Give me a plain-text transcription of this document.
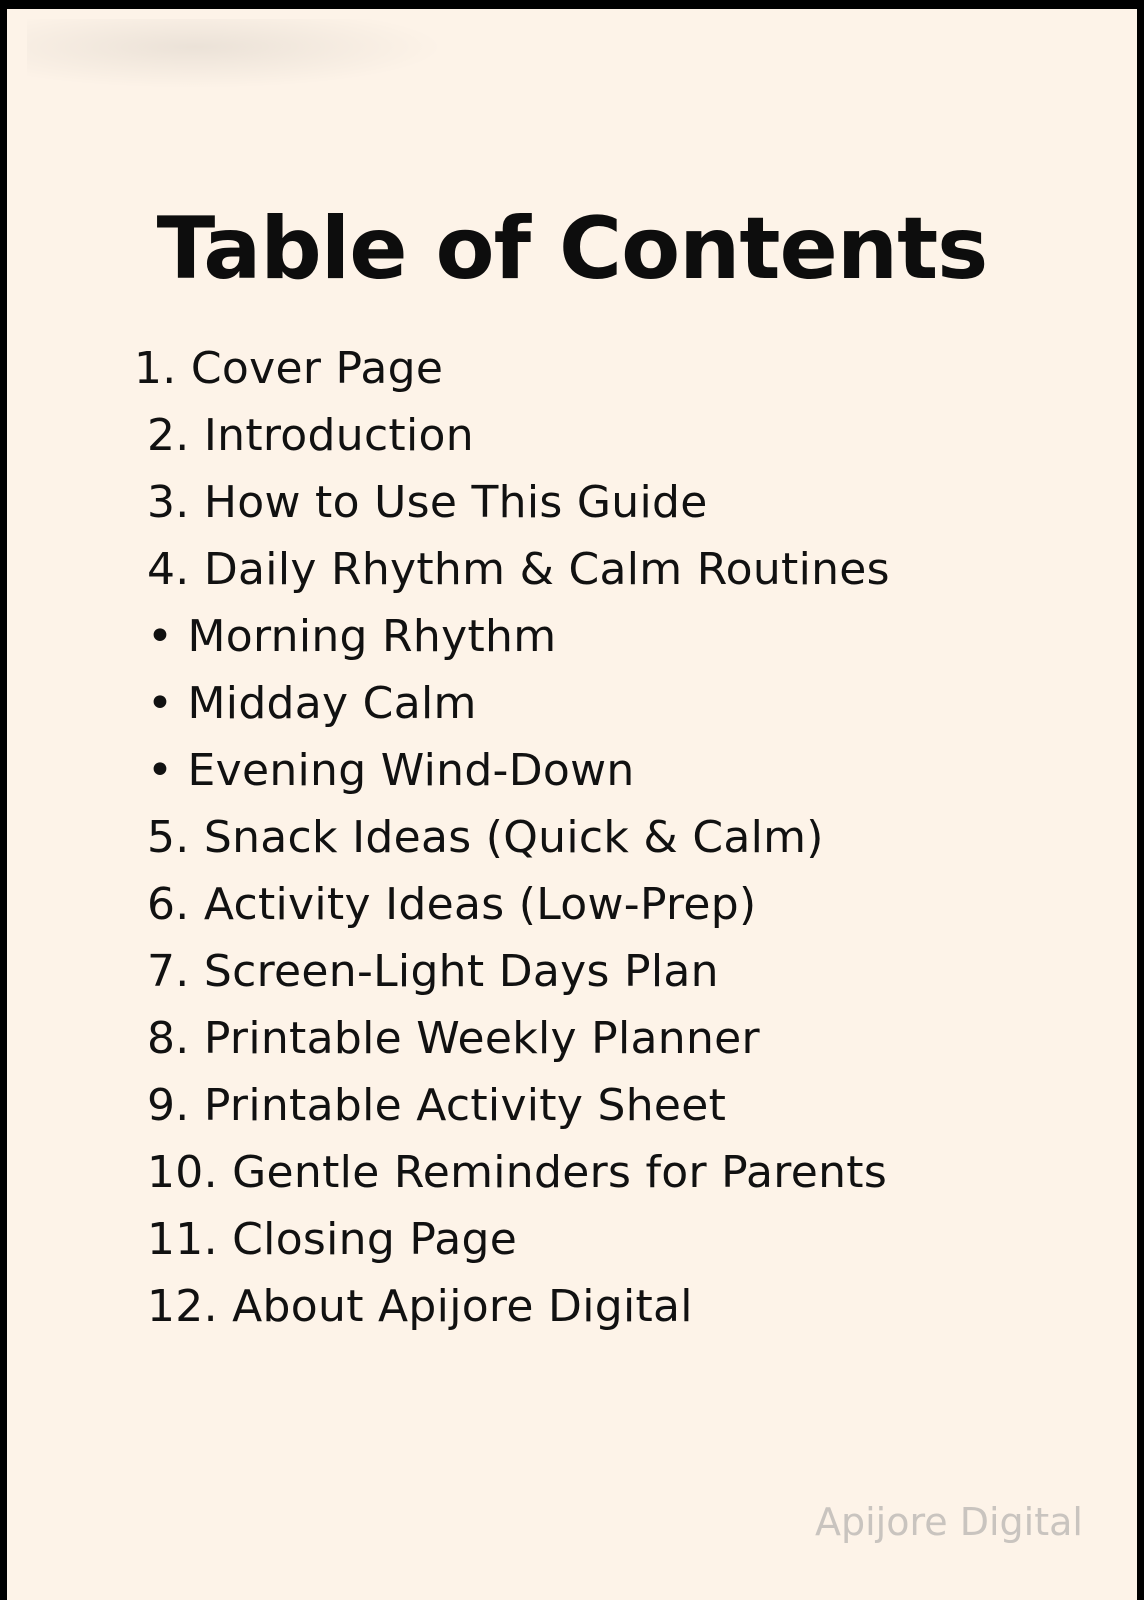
Table of Contents
1. Cover Page
2. Introduction
3. How to Use This Guide
4. Daily Rhythm & Calm Routines
• Morning Rhythm
• Midday Calm
• Evening Wind-Down
5. Snack Ideas (Quick & Calm)
6. Activity Ideas (Low-Prep)
7. Screen-Light Days Plan
8. Printable Weekly Planner
9. Printable Activity Sheet
10. Gentle Reminders for Parents
11. Closing Page
12. About Apijore Digital
Apijore Digital
